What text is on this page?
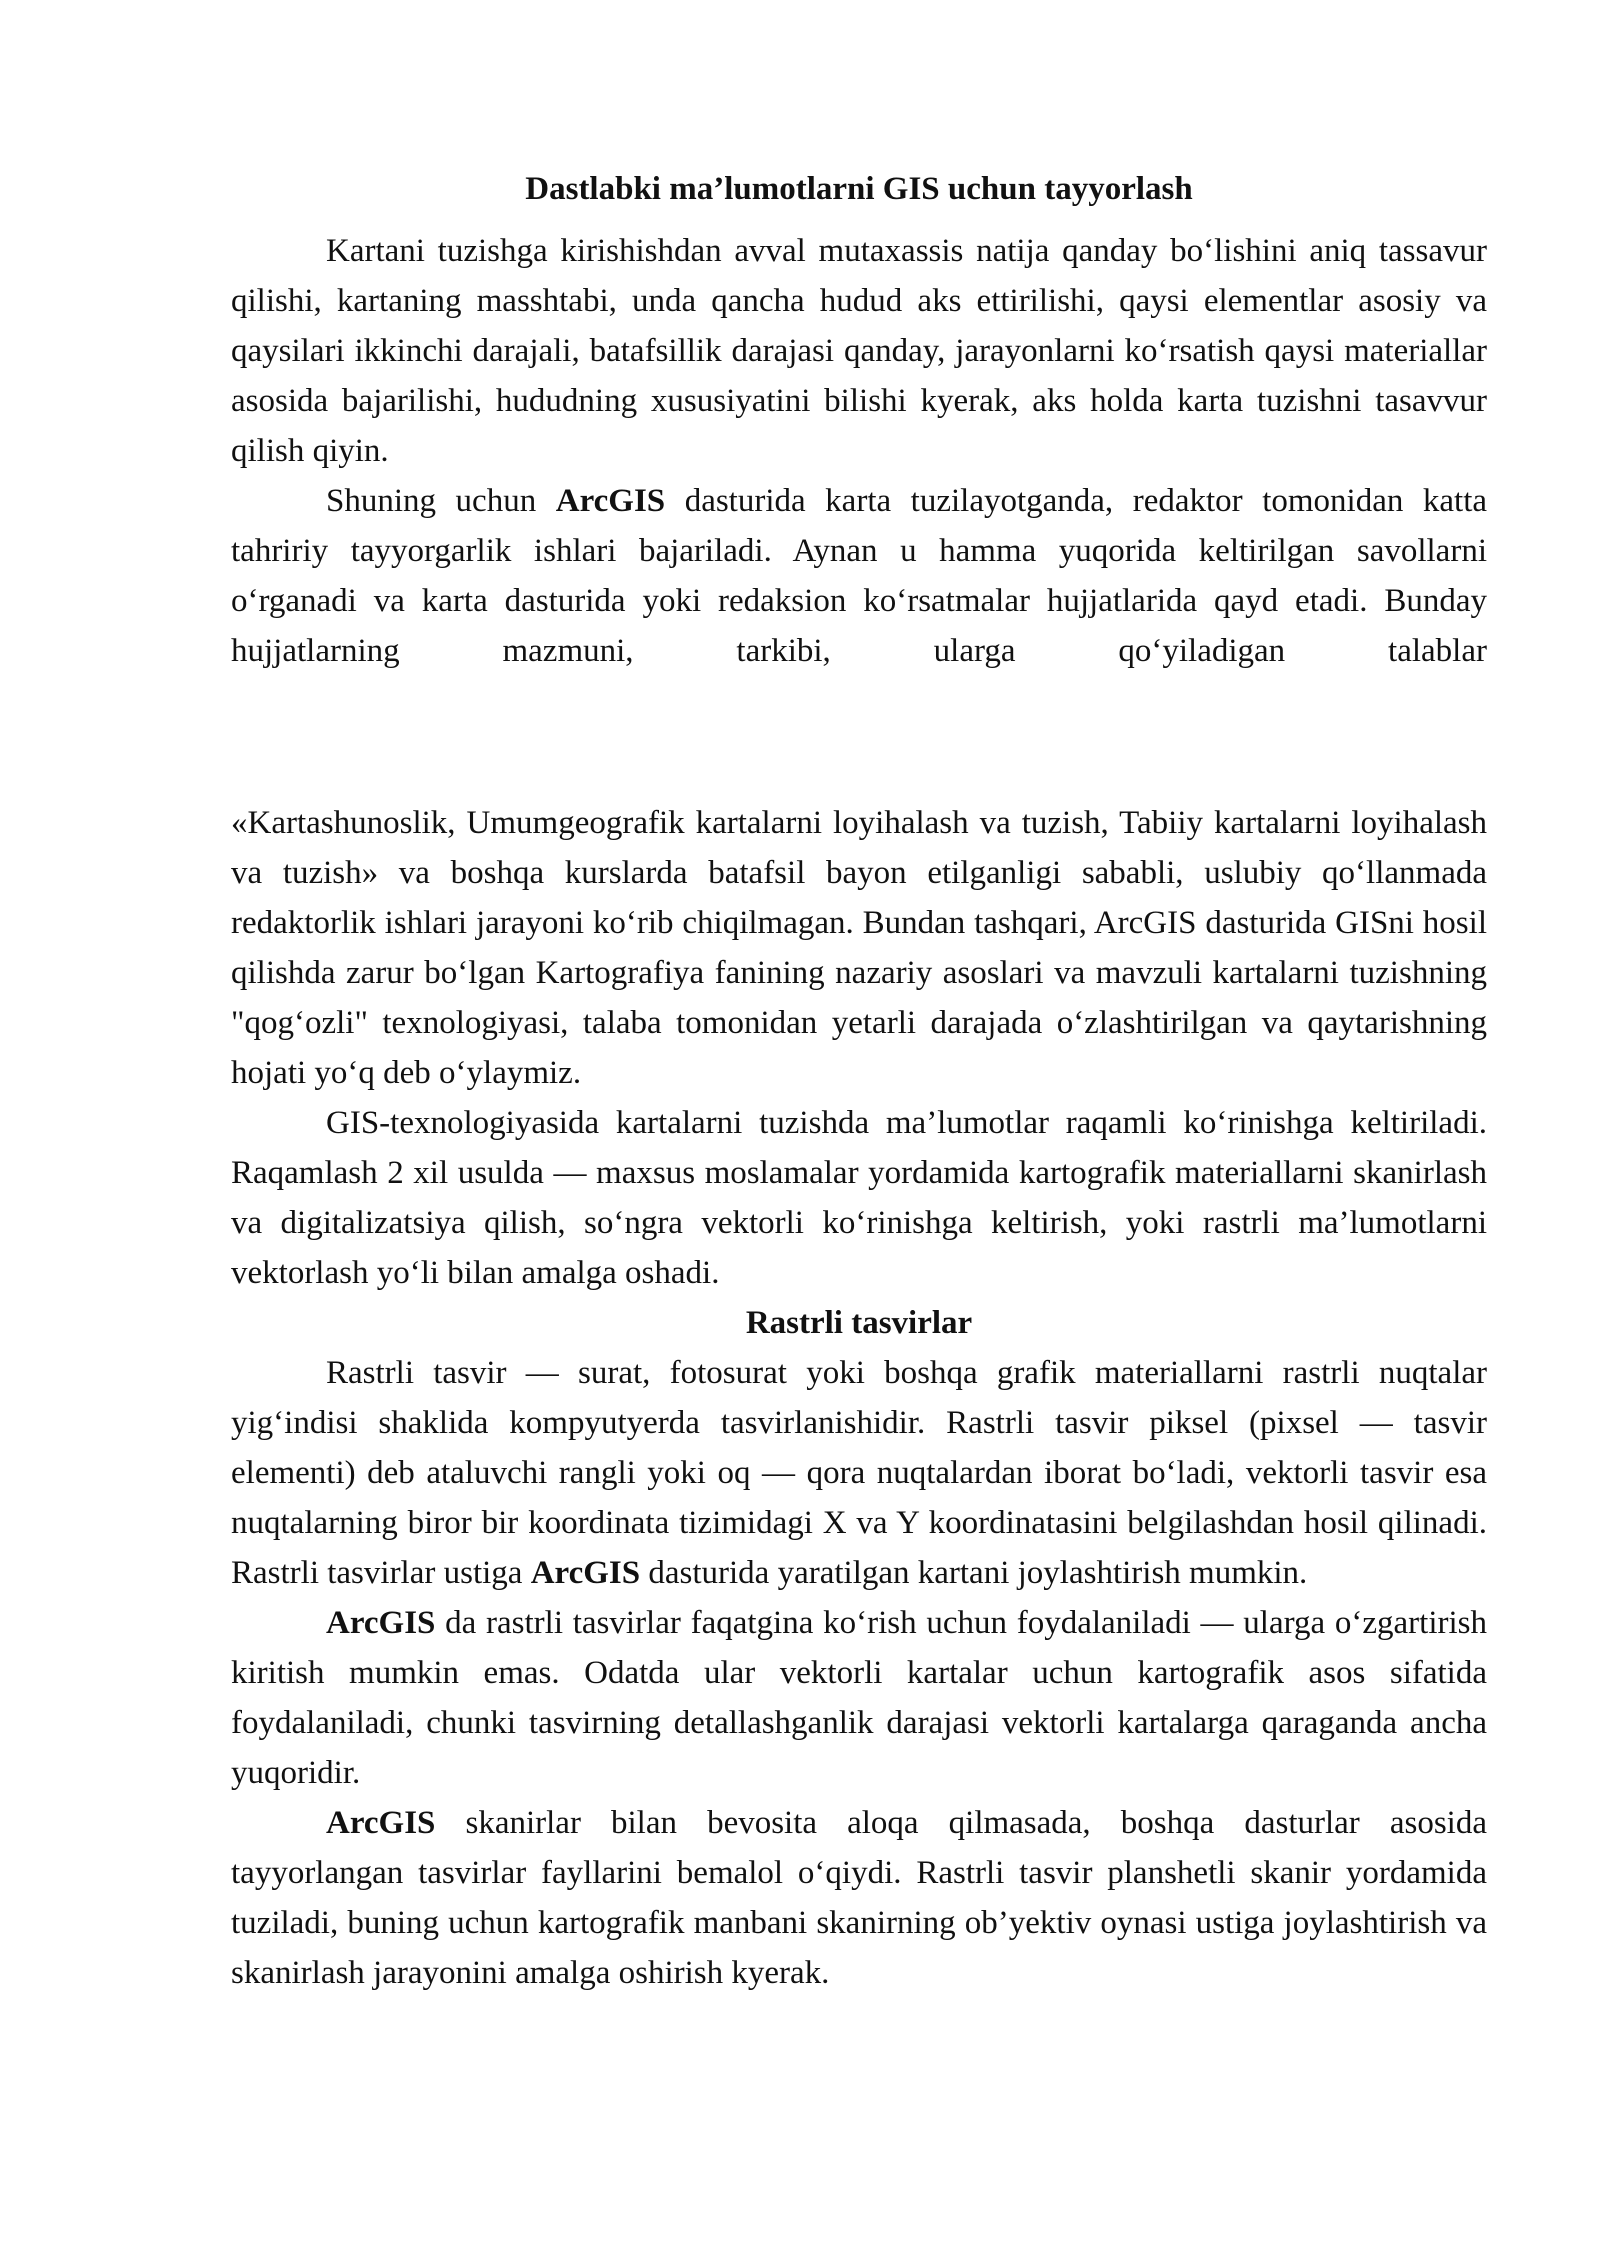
Dastlabki ma’lumotlarni GIS uchun tayyorlash

Kartani tuzishga kirishishdan avval mutaxassis natija qanday bo‘lishini aniq tassavur qilishi, kartaning masshtabi, unda qancha hudud aks ettirilishi, qaysi elementlar asosiy va qaysilari ikkinchi darajali, batafsillik darajasi qanday, jarayonlarni ko‘rsatish qaysi materiallar asosida bajarilishi, hududning xususiyatini bilishi kyerak, aks holda karta tuzishni tasavvur qilish qiyin.

Shuning uchun ArcGIS dasturida karta tuzilayotganda, redaktor tomonidan katta tahririy tayyorgarlik ishlari bajariladi. Aynan u hamma yuqorida keltirilgan savollarni o‘rganadi va karta dasturida yoki redaksion ko‘rsatmalar hujjatlarida qayd etadi. Bunday hujjatlarning mazmuni, tarkibi, ularga qo‘yiladigan talablar

«Kartashunoslik, Umumgeografik kartalarni loyihalash va tuzish, Tabiiy kartalarni loyihalash va tuzish» va boshqa kurslarda batafsil bayon etilganligi sababli, uslubiy qo‘llanmada redaktorlik ishlari jarayoni ko‘rib chiqilmagan. Bundan tashqari, ArcGIS dasturida GISni hosil qilishda zarur bo‘lgan Kartografiya fanining nazariy asoslari va mavzuli kartalarni tuzishning "qog‘ozli" texnologiyasi, talaba tomonidan yetarli darajada o‘zlashtirilgan va qaytarishning hojati yo‘q deb o‘ylaymiz.

GIS-texnologiyasida kartalarni tuzishda ma’lumotlar raqamli ko‘rinishga keltiriladi. Raqamlash 2 xil usulda — maxsus moslamalar yordamida kartografik materiallarni skanirlash va digitalizatsiya qilish, so‘ngra vektorli ko‘rinishga keltirish, yoki rastrli ma’lumotlarni vektorlash yo‘li bilan amalga oshadi.

Rastrli tasvirlar

Rastrli tasvir — surat, fotosurat yoki boshqa grafik materiallarni rastrli nuqtalar yig‘indisi shaklida kompyutyerda tasvirlanishidir. Rastrli tasvir piksel (pixsel — tasvir elementi) deb ataluvchi rangli yoki oq — qora nuqtalardan iborat bo‘ladi, vektorli tasvir esa nuqtalarning biror bir koordinata tizimidagi X va Y koordinatasini belgilashdan hosil qilinadi. Rastrli tasvirlar ustiga ArcGIS dasturida yaratilgan kartani joylashtirish mumkin.

ArcGIS da rastrli tasvirlar faqatgina ko‘rish uchun foydalaniladi — ularga o‘zgartirish kiritish mumkin emas. Odatda ular vektorli kartalar uchun kartografik asos sifatida foydalaniladi, chunki tasvirning detallashganlik darajasi vektorli kartalarga qaraganda ancha yuqoridir.

ArcGIS skanirlar bilan bevosita aloqa qilmasada, boshqa dasturlar asosida tayyorlangan tasvirlar fayllarini bemalol o‘qiydi. Rastrli tasvir planshetli skanir yordamida tuziladi, buning uchun kartografik manbani skanirning ob’yektiv oynasi ustiga joylashtirish va skanirlash jarayonini amalga oshirish kyerak.
